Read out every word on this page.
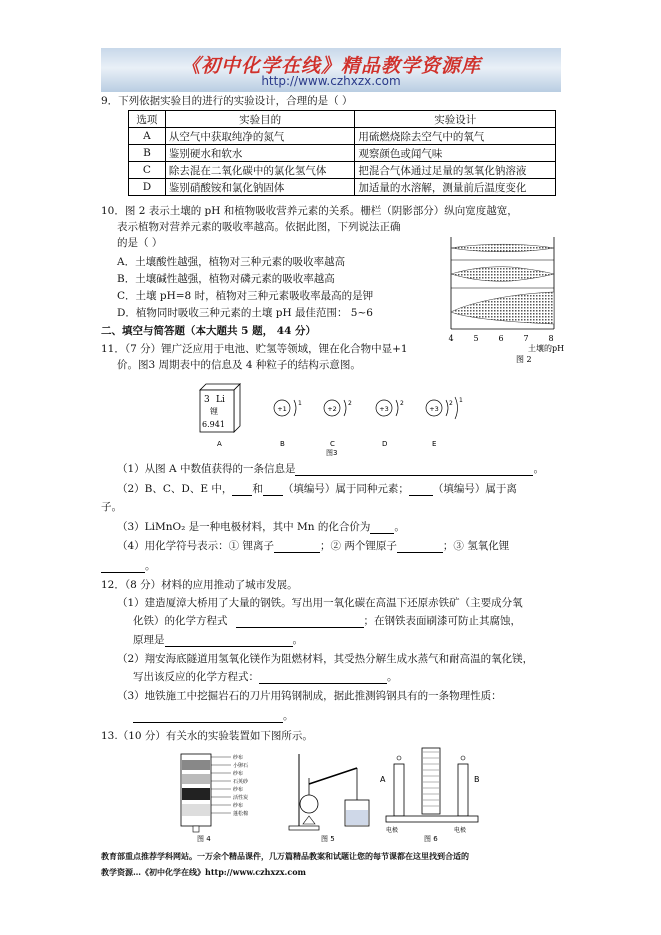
《初中化学在线》精品教学资源库
http://www.czhxzx.com
9．下列依据实验目的进行的实验设计，合理的是（ ）
选项	实验目的	实验设计
A	从空气中获取纯净的氮气	用硫燃烧除去空气中的氧气
B	鉴别硬水和软水	观察颜色或闻气味
C	除去混在二氧化碳中的氯化氢气体	把混合气体通过足量的氢氧化钠溶液
D	鉴别硝酸铵和氯化钠固体	加适量的水溶解，测量前后温度变化
10．图 2 表示土壤的 pH 和植物吸收营养元素的关系。栅栏（阴影部分）纵向宽度越宽，
表示植物对营养元素的吸收率越高。依据此图，下列说法正确
的是（ ）
A．土壤酸性越强，植物对三种元素的吸收率越高
B．土壤碱性越强，植物对磷元素的吸收率越高
C．土壤 pH=8 时，植物对三种元素吸收率最高的是钾
D．植物同时吸收三种元素的土壤 pH 最佳范围： 5~6
4 5 6 7 8
土壤的pH
图 2
二、填空与简答题（本大题共 5 题， 44 分）
11．（7 分）锂广泛应用于电池、贮氢等领域，锂在化合物中显+1
价。图3 周期表中的信息及 4 种粒子的结构示意图。
3 Li
锂
6.941
A
+1
1
B
+2
2
C
+3
2
D
+3
2 1
E
图3
（1）从图 A 中数值获得的一条信息是	。
（2）B、C、D、E 中， 和 （填编号）属于同种元素； （填编号）属于离
子。
（3）LiMnO₂ 是一种电极材料，其中 Mn 的化合价为 。
（4）用化学符号表示：① 锂离子	；② 两个锂原子	；③ 氢氧化锂
。
12．（8 分）材料的应用推动了城市发展。
（1）建造厦漳大桥用了大量的钢铁。写出用一氧化碳在高温下还原赤铁矿（主要成分氧
化铁）的化学方程式	；在钢铁表面刷漆可防止其腐蚀，
原理是	。
（2）翔安海底隧道用氢氧化镁作为阻燃材料，其受热分解生成水蒸气和耐高温的氧化镁，
写出该反应的化学方程式：	。
（3）地铁施工中挖掘岩石的刀片用钨钢制成，据此推测钨钢具有的一条物理性质：
。
13.（10 分）有关水的实验装置如下图所示。
纱布
小卵石
纱布
石英砂
纱布
活性炭
纱布
蓬松棉
图 4	图 5
A	B
电极	电极
图 6
教育部重点推荐学科网站。一万余个精品课件，几万篇精品教案和试题让您的每节课都在这里找到合适的
教学资源…《初中化学在线》http://www.czhxzx.com
